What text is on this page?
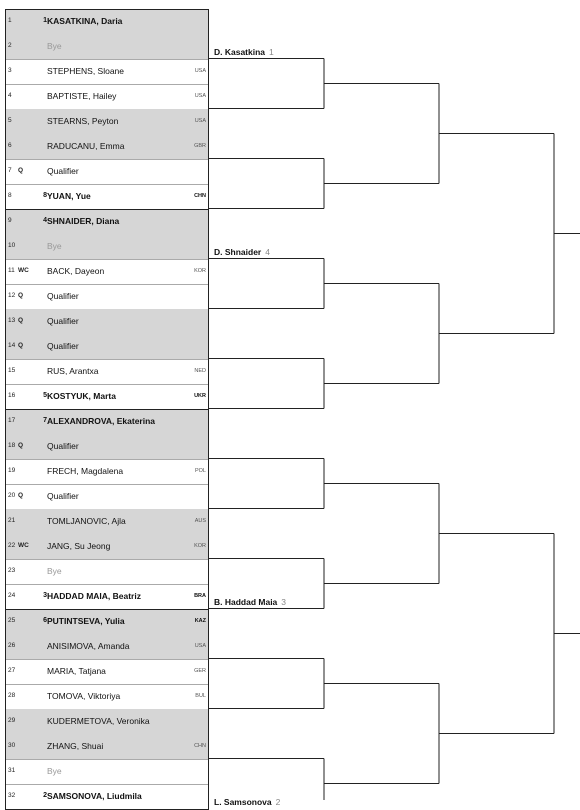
1	1 KASATKINA, Daria
2	Bye
3	STEPHENS, Sloane	USA
4	BAPTISTE, Hailey	USA
5	STEARNS, Peyton	USA
6	RADUCANU, Emma	GBR
7 Q	Qualifier
8	8 YUAN, Yue	CHN
9	4 SHNAIDER, Diana
10	Bye
11 WC BACK, Dayeon	KOR
12 Q	Qualifier
13 Q	Qualifier
14 Q	Qualifier
15	RUS, Arantxa	NED
16	5 KOSTYUK, Marta	UKR
17	7 ALEXANDROVA, Ekaterina
18 Q	Qualifier
19	FRECH, Magdalena	POL
20 Q	Qualifier
21	TOMLJANOVIC, Ajla	AUS
22 WC JANG, Su Jeong	KOR
23	Bye
24	3 HADDAD MAIA, Beatriz	BRA
25	6 PUTINTSEVA, Yulia	KAZ
26	ANISIMOVA, Amanda	USA
27	MARIA, Tatjana	GER
28	TOMOVA, Viktoriya	BUL
29	KUDERMETOVA, Veronika
30	ZHANG, Shuai	CHN
31	Bye
32	2 SAMSONOVA, Liudmila
D. Kasatkina 1
D. Shnaider 4
B. Haddad Maia 3
L. Samsonova 2
